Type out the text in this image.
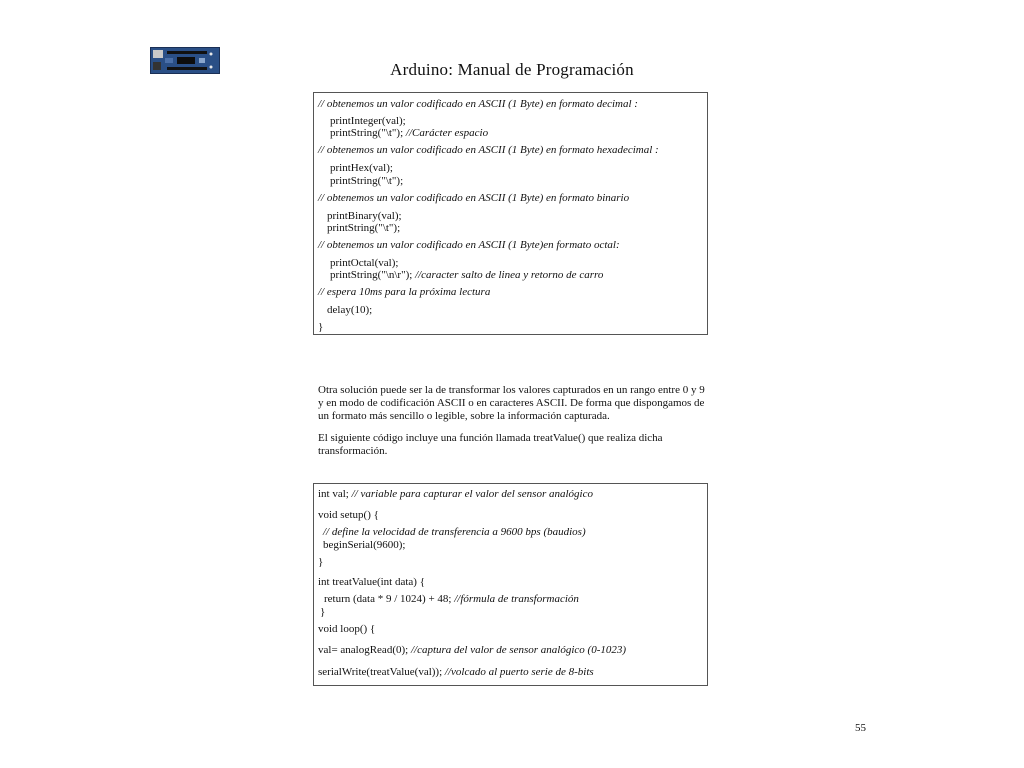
Arduino: Manual de Programación
// obtenemos un valor codificado en ASCII (1 Byte) en formato decimal :
printInteger(val);
printString("\t"); //Carácter espacio
// obtenemos un valor codificado en ASCII (1 Byte) en formato hexadecimal :
printHex(val);
printString("\t");
// obtenemos un valor codificado en ASCII (1 Byte) en formato binario
printBinary(val);
printString("\t");
// obtenemos un valor codificado en ASCII (1 Byte)en formato octal:
printOctal(val);
printString("\n\r"); //caracter salto de linea y retorno de carro
// espera 10ms para la próxima lectura
delay(10);
}
Otra solución puede ser la de transformar los valores capturados en un rango entre 0 y 9 y en modo de codificación ASCII o en caracteres ASCII. De forma que dispongamos de un formato más sencillo o legible, sobre la información capturada.
El siguiente código incluye una función llamada treatValue() que realiza dicha transformación.
int val; // variable para capturar el valor del sensor analógico
void setup() {
// define la velocidad de transferencia a 9600 bps (baudios)
beginSerial(9600);
}
int treatValue(int data) {
return (data * 9 / 1024) + 48; //fórmula de transformación
}
void loop() {
val= analogRead(0); //captura del valor de sensor analógico (0-1023)
serialWrite(treatValue(val)); //volcado al puerto serie de 8-bits
55
